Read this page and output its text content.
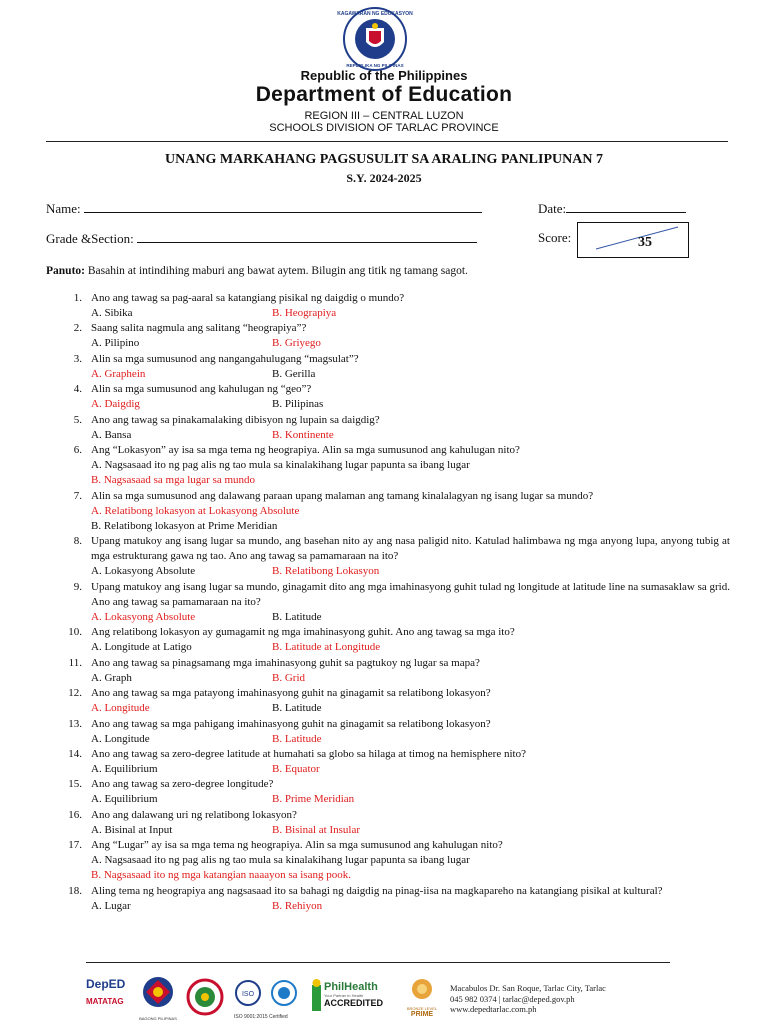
KAGAWARAN NG EDUKASYON
REPUBLIKA NG PILIPINAS
Republic of the Philippines
Department of Education
REGION III – CENTRAL LUZON
SCHOOLS DIVISION OF TARLAC PROVINCE
UNANG MARKAHANG PAGSUSULIT SA ARALING PANLIPUNAN 7
S.Y. 2024-2025
Name:	Date:
Grade &Section:	Score:	35
Panuto: Basahin at intindihing maburi ang bawat aytem. Bilugin ang titik ng tamang sagot.
1. Ano ang tawag sa pag-aaral sa katangiang pisikal ng daigdig o mundo?
A. Sibika	B. Heograpiya
2. Saang salita nagmula ang salitang “heograpiya”?
A. Pilipino	B. Griyego
3. Alin sa mga sumusunod ang nangangahulugang “magsulat”?
A. Graphein	B. Gerilla
4. Alin sa mga sumusunod ang kahulugan ng “geo”?
A. Daigdig	B. Pilipinas
5. Ano ang tawag sa pinakamalaking dibisyon ng lupain sa daigdig?
A. Bansa	B. Kontinente
6. Ang “Lokasyon” ay isa sa mga tema ng heograpiya. Alin sa mga sumusunod ang kahulugan nito?
A. Nagsasaad ito ng pag alis ng tao mula sa kinalakihang lugar papunta sa ibang lugar
B. Nagsasaad sa mga lugar sa mundo
7. Alin sa mga sumusunod ang dalawang paraan upang malaman ang tamang kinalalagyan ng isang lugar sa mundo?
A. Relatibong lokasyon at Lokasyong Absolute
B. Relatibong lokasyon at Prime Meridian
8. Upang matukoy ang isang lugar sa mundo, ang basehan nito ay ang nasa paligid nito. Katulad halimbawa ng mga anyong lupa, anyong tubig at mga estrukturang gawa ng tao. Ano ang tawag sa pamamaraan na ito?
A. Lokasyong Absolute	B. Relatibong Lokasyon
9. Upang matukoy ang isang lugar sa mundo, ginagamit dito ang mga imahinasyong guhit tulad ng longitude at latitude line na sumasaklaw sa grid. Ano ang tawag sa pamamaraan na ito?
A. Lokasyong Absolute	B. Latitude
10. Ang relatibong lokasyon ay gumagamit ng mga imahinasyong guhit. Ano ang tawag sa mga ito?
A. Longitude at Latigo	B. Latitude at Longitude
11. Ano ang tawag sa pinagsamang mga imahinasyong guhit sa pagtukoy ng lugar sa mapa?
A. Graph	B. Grid
12. Ano ang tawag sa mga patayong imahinasyong guhit na ginagamit sa relatibong lokasyon?
A. Longitude	B. Latitude
13. Ano ang tawag sa mga pahigang imahinasyong guhit na ginagamit sa relatibong lokasyon?
A. Longitude	B. Latitude
14. Ano ang tawag sa zero-degree latitude at humahati sa globo sa hilaga at timog na hemisphere nito?
A. Equilibrium	B. Equator
15. Ano ang tawag sa zero-degree longitude?
A. Equilibrium	B. Prime Meridian
16. Ano ang dalawang uri ng relatibong lokasyon?
A. Bisinal at Input	B. Bisinal at Insular
17. Ang “Lugar” ay isa sa mga tema ng heograpiya. Alin sa mga sumusunod ang kahulugan nito?
A. Nagsasaad ito ng pag alis ng tao mula sa kinalakihang lugar papunta sa ibang lugar
B. Nagsasaad ito ng mga katangian naaayon sa isang pook.
18. Aling tema ng heograpiya ang nagsasaad ito sa bahagi ng daigdig na pinag-iisa na magkapareho na katangiang pisikal at kultural?
A. Lugar	B. Rehiyon
DepED
MATATAG
BAGONG PILIPINAS
ISO
ISO 9001:2015 Certified
PhilHealth
Your Partner in Health
ACCREDITED
BRONZE LEVEL
PRIME
Macabulos Dr. San Roque, Tarlac City, Tarlac
045 982 0374 | tarlac@deped.gov.ph
www.depedtarlac.com.ph
